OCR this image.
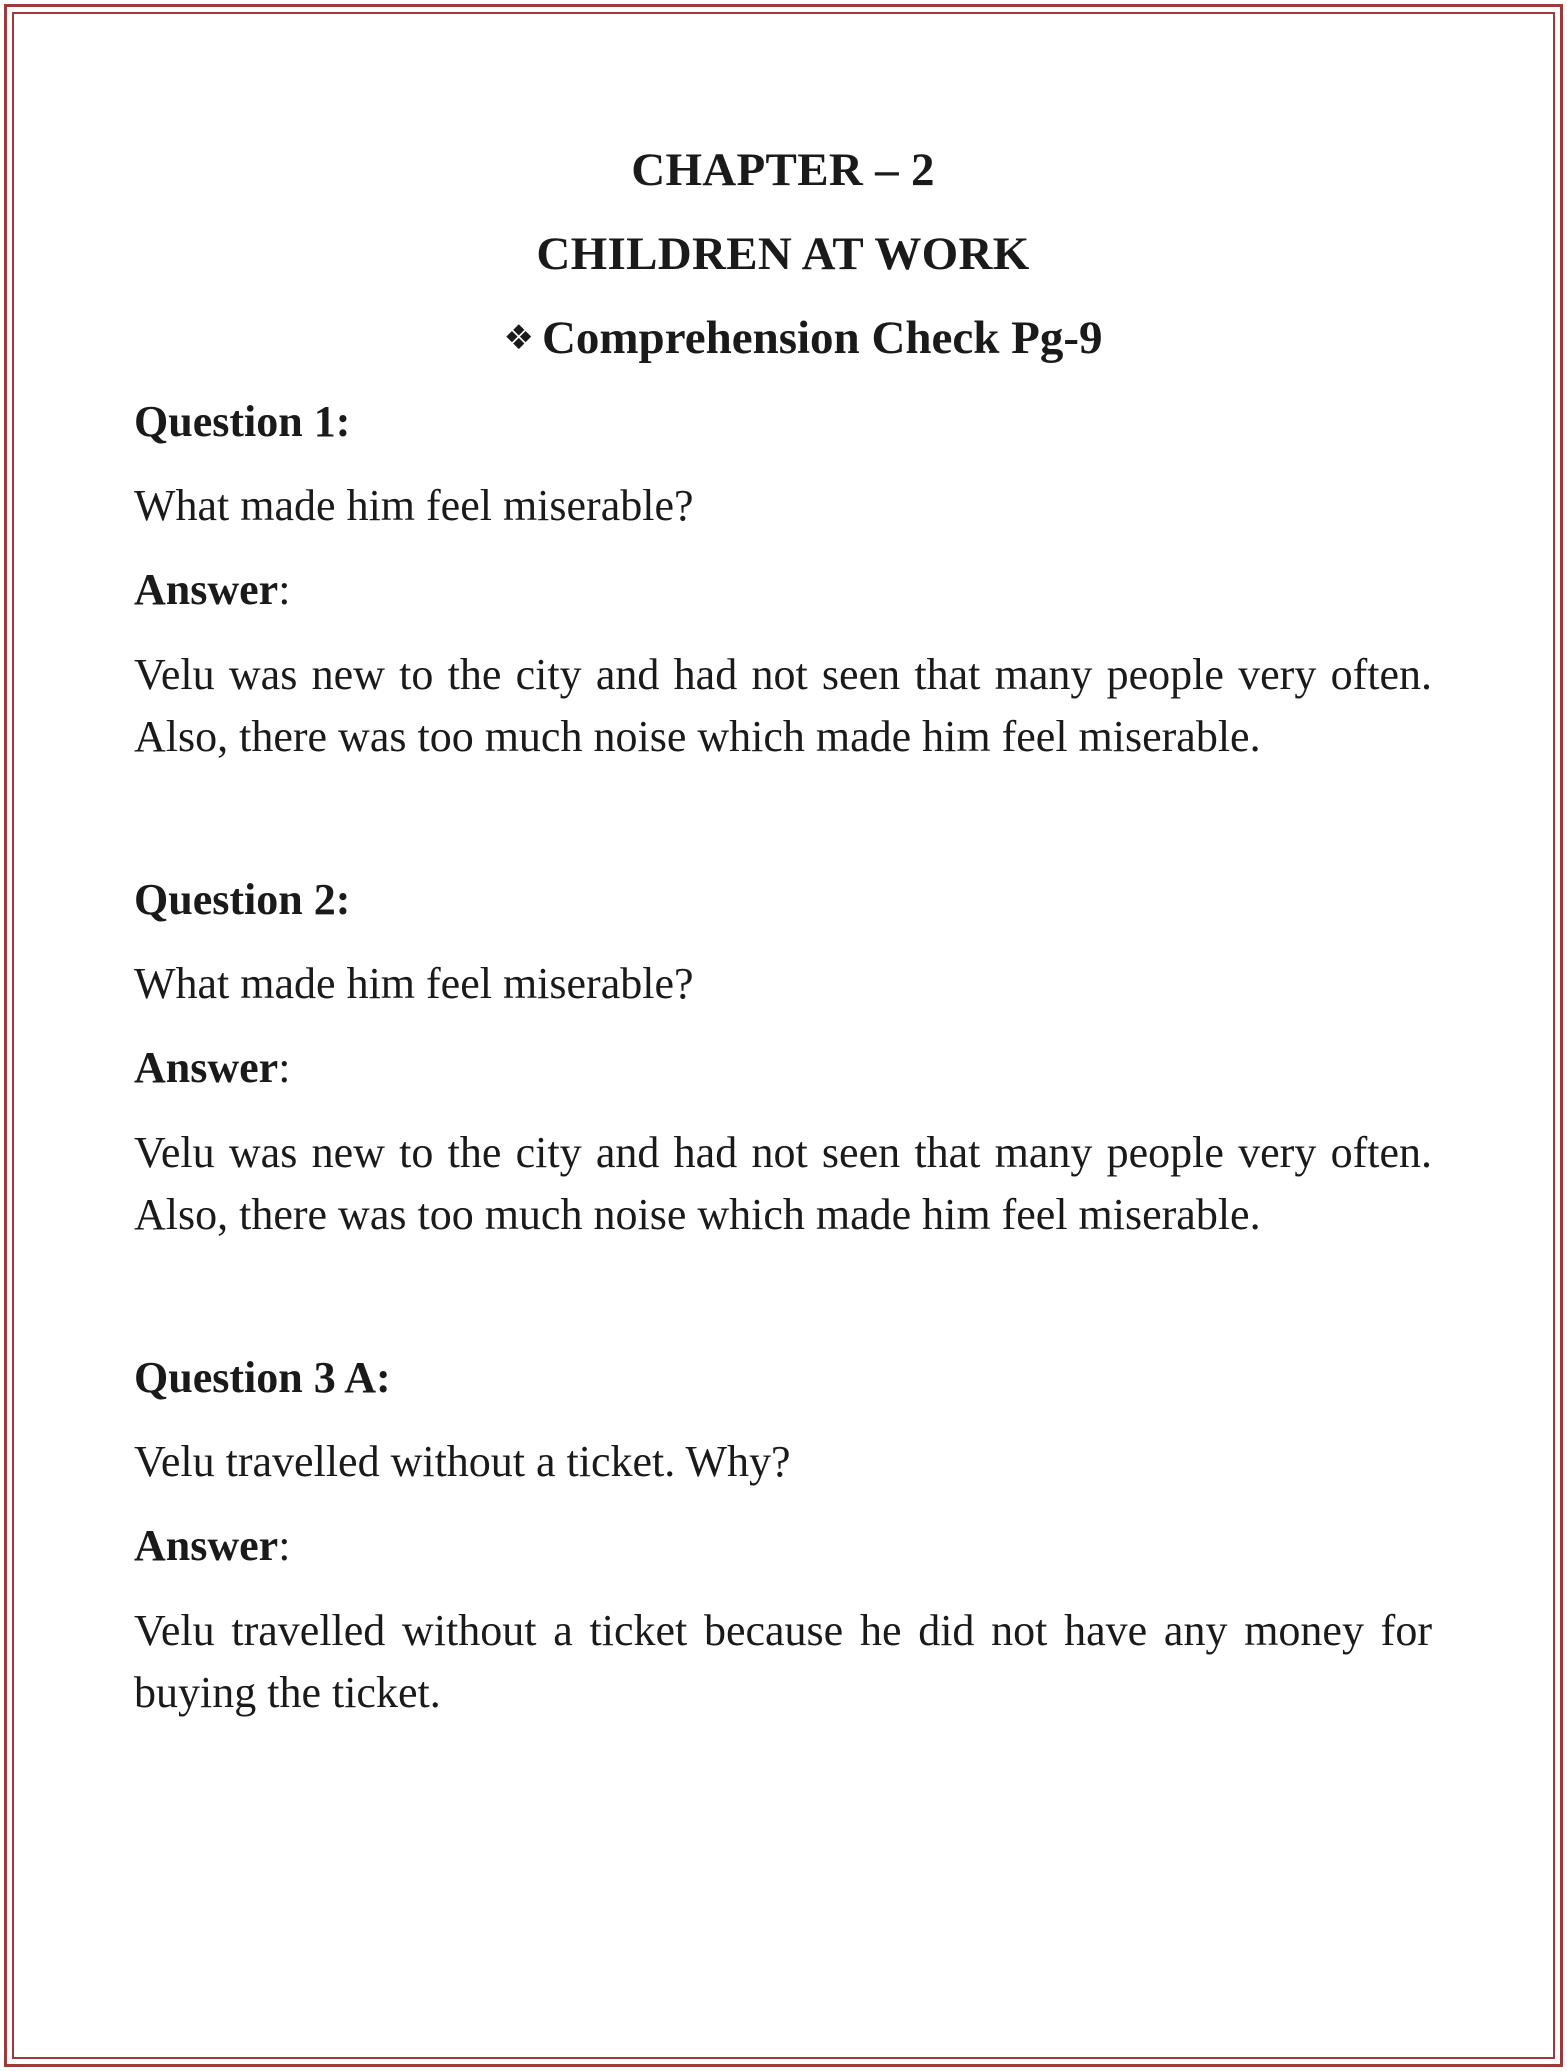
CHAPTER – 2

CHILDREN AT WORK

❖ Comprehension Check Pg-9

Question 1:

What made him feel miserable?

Answer:

Velu was new to the city and had not seen that many people very often. Also, there was too much noise which made him feel miserable.

Question 2:

What made him feel miserable?

Answer:

Velu was new to the city and had not seen that many people very often. Also, there was too much noise which made him feel miserable.

Question 3 A:

Velu travelled without a ticket. Why?

Answer:

Velu travelled without a ticket because he did not have any money for buying the ticket.
